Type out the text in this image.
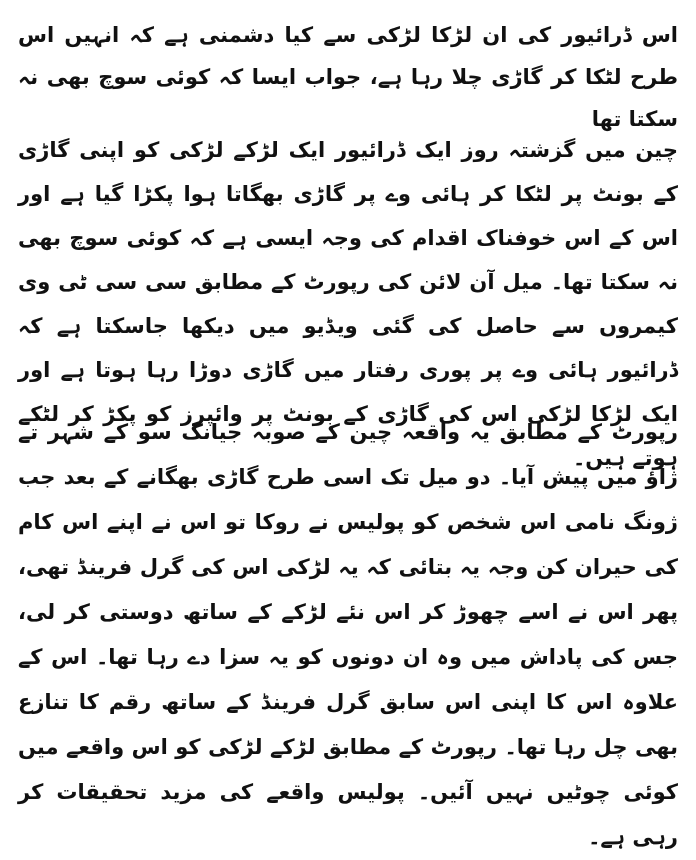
اس ڈرائیور کی ان لڑکا لڑکی سے کیا دشمنی ہے کہ انہیں اس طرح لٹکا کر گاڑی چلا رہا ہے، جواب ایسا کہ کوئی سوچ بھی نہ سکتا تھا

چین میں گزشتہ روز ایک ڈرائیور ایک لڑکے لڑکی کو اپنی گاڑی کے بونٹ پر لٹکا کر ہائی وے پر گاڑی بھگاتا ہوا پکڑا گیا ہے اور اس کے اس خوفناک اقدام کی وجہ ایسی ہے کہ کوئی سوچ بھی نہ سکتا تھا۔ میل آن لائن کی رپورٹ کے مطابق سی سی ٹی وی کیمروں سے حاصل کی گئی ویڈیو میں دیکھا جاسکتا ہے کہ ڈرائیور ہائی وے پر پوری رفتار میں گاڑی دوڑا رہا ہوتا ہے اور ایک لڑکا لڑکی اس کی گاڑی کے بونٹ پر وائپرز کو پکڑ کر لٹکے ہوتے ہیں۔

رپورٹ کے مطابق یہ واقعہ چین کے صوبہ جیانگ سو کے شہر تے ژاؤ میں پیش آیا۔ دو میل تک اسی طرح گاڑی بھگانے کے بعد جب ژونگ نامی اس شخص کو پولیس نے روکا تو اس نے اپنے اس کام کی حیران کن وجہ یہ بتائی کہ یہ لڑکی اس کی گرل فرینڈ تھی، پھر اس نے اسے چھوڑ کر اس نئے لڑکے کے ساتھ دوستی کر لی، جس کی پاداش میں وہ ان دونوں کو یہ سزا دے رہا تھا۔ اس کے علاوہ اس کا اپنی اس سابق گرل فرینڈ کے ساتھ رقم کا تنازع بھی چل رہا تھا۔ رپورٹ کے مطابق لڑکے لڑکی کو اس واقعے میں کوئی چوٹیں نہیں آئیں۔ پولیس واقعے کی مزید تحقیقات کر رہی ہے۔
